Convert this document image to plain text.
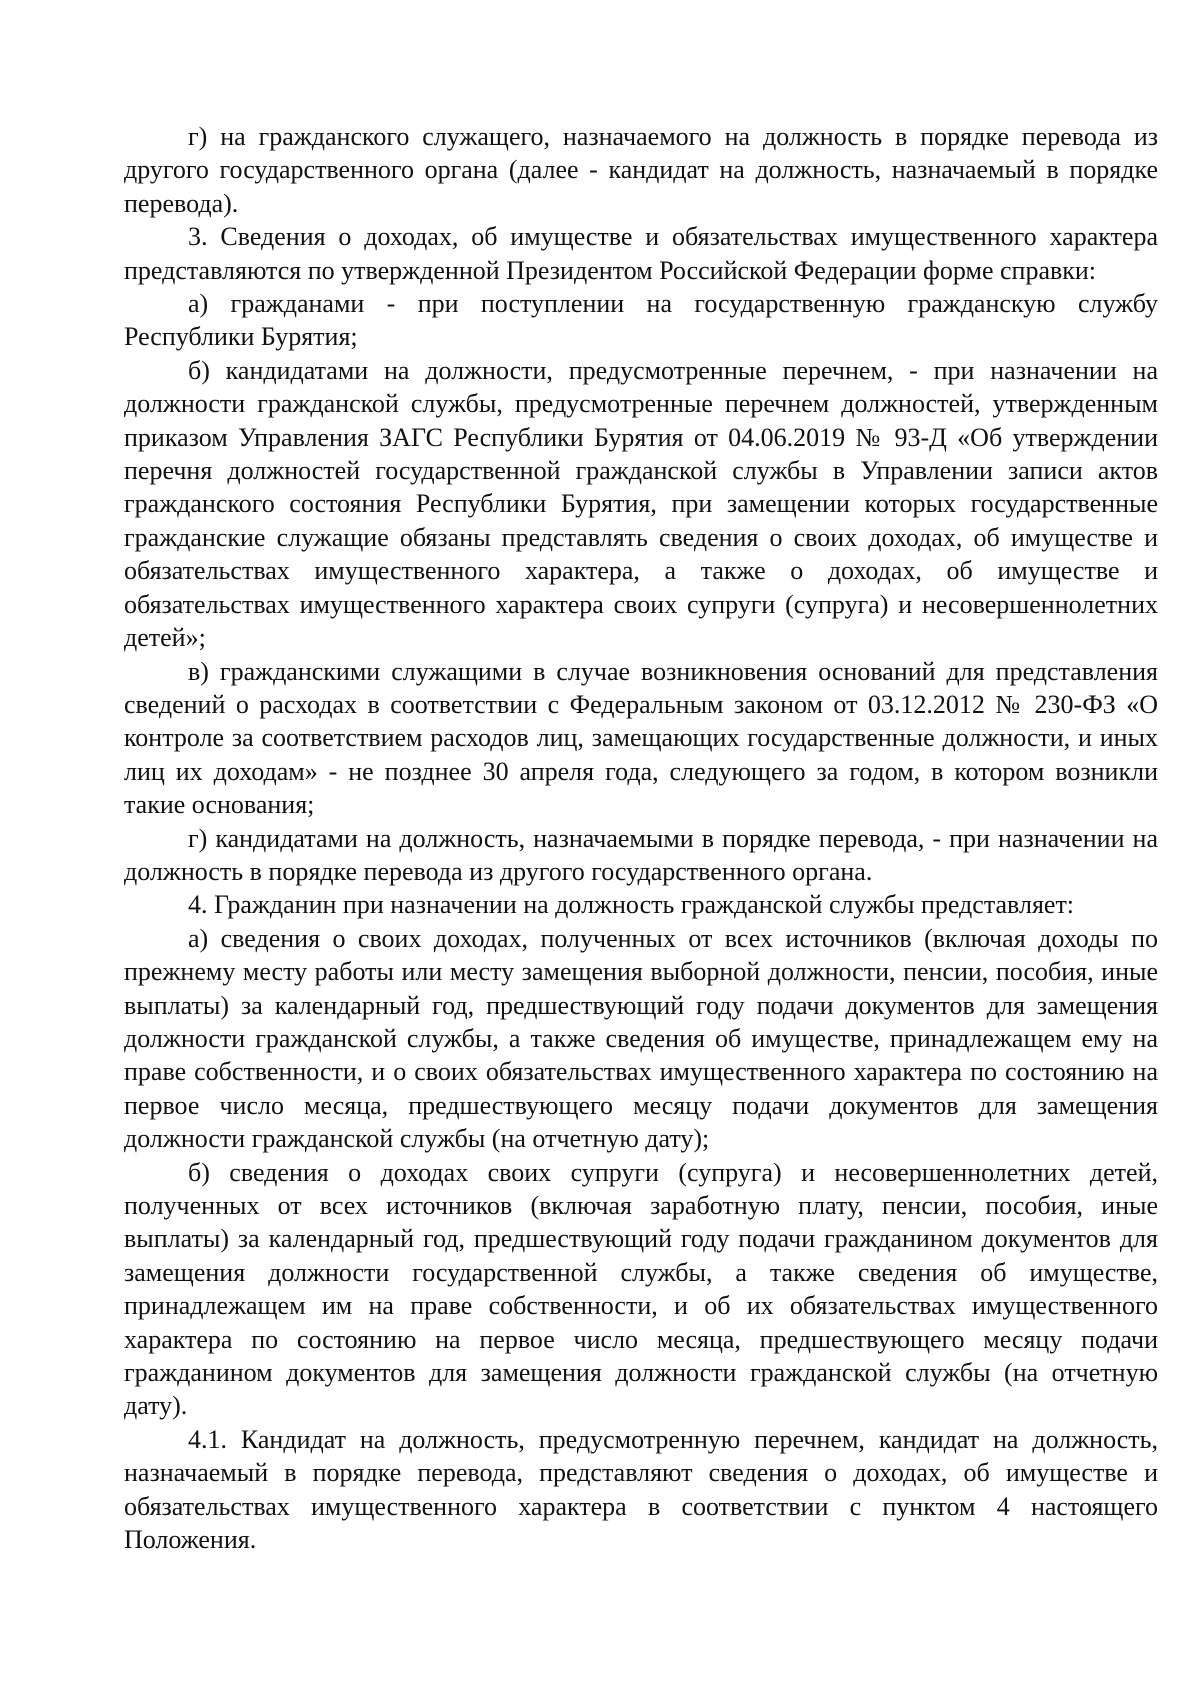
г) на гражданского служащего, назначаемого на должность в порядке перевода из другого государственного органа (далее - кандидат на должность, назначаемый в порядке перевода).

3. Сведения о доходах, об имуществе и обязательствах имущественного характера представляются по утвержденной Президентом Российской Федерации форме справки:

а) гражданами - при поступлении на государственную гражданскую службу Республики Бурятия;

б) кандидатами на должности, предусмотренные перечнем, - при назначении на должности гражданской службы, предусмотренные перечнем должностей, утвержденным приказом Управления ЗАГС Республики Бурятия от 04.06.2019 № 93-Д «Об утверждении перечня должностей государственной гражданской службы в Управлении записи актов гражданского состояния Республики Бурятия, при замещении которых государственные гражданские служащие обязаны представлять сведения о своих доходах, об имуществе и обязательствах имущественного характера, а также о доходах, об имуществе и обязательствах имущественного характера своих супруги (супруга) и несовершеннолетних детей»;

в) гражданскими служащими в случае возникновения оснований для представления сведений о расходах в соответствии с Федеральным законом от 03.12.2012 № 230-ФЗ «О контроле за соответствием расходов лиц, замещающих государственные должности, и иных лиц их доходам» - не позднее 30 апреля года, следующего за годом, в котором возникли такие основания;

г) кандидатами на должность, назначаемыми в порядке перевода, - при назначении на должность в порядке перевода из другого государственного органа.

4. Гражданин при назначении на должность гражданской службы представляет:

а) сведения о своих доходах, полученных от всех источников (включая доходы по прежнему месту работы или месту замещения выборной должности, пенсии, пособия, иные выплаты) за календарный год, предшествующий году подачи документов для замещения должности гражданской службы, а также сведения об имуществе, принадлежащем ему на праве собственности, и о своих обязательствах имущественного характера по состоянию на первое число месяца, предшествующего месяцу подачи документов для замещения должности гражданской службы (на отчетную дату);

б) сведения о доходах своих супруги (супруга) и несовершеннолетних детей, полученных от всех источников (включая заработную плату, пенсии, пособия, иные выплаты) за календарный год, предшествующий году подачи гражданином документов для замещения должности государственной службы, а также сведения об имуществе, принадлежащем им на праве собственности, и об их обязательствах имущественного характера по состоянию на первое число месяца, предшествующего месяцу подачи гражданином документов для замещения должности гражданской службы (на отчетную дату).

4.1. Кандидат на должность, предусмотренную перечнем, кандидат на должность, назначаемый в порядке перевода, представляют сведения о доходах, об имуществе и обязательствах имущественного характера в соответствии с пунктом 4 настоящего Положения.
